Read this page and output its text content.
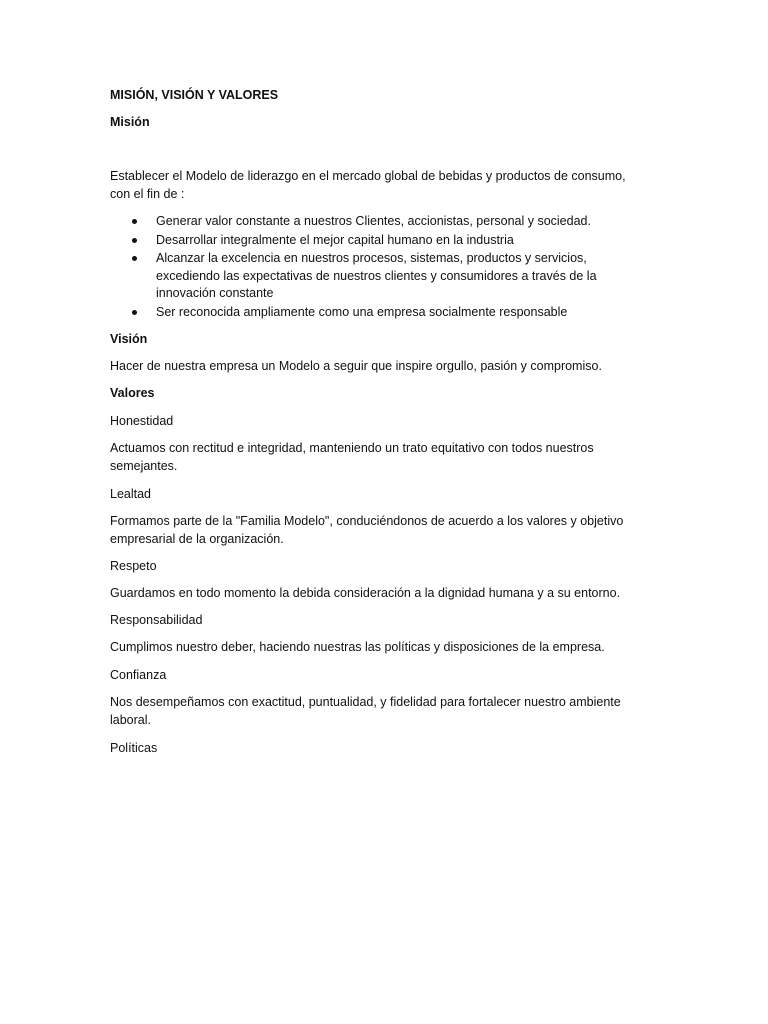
MISIÓN, VISIÓN Y VALORES

Misión

Establecer el Modelo de liderazgo en el mercado global de bebidas y productos de consumo,
con el fin de :

Generar valor constante a nuestros Clientes, accionistas, personal y sociedad.
Desarrollar integralmente el mejor capital humano en la industria
Alcanzar la excelencia en nuestros procesos, sistemas, productos y servicios,
excediendo las expectativas de nuestros clientes y consumidores a través de la
innovación constante
Ser reconocida ampliamente como una empresa socialmente responsable

Visión

Hacer de nuestra empresa un Modelo a seguir que inspire orgullo, pasión y compromiso.

Valores

Honestidad

Actuamos con rectitud e integridad, manteniendo un trato equitativo con todos nuestros
semejantes.

Lealtad

Formamos parte de la "Familia Modelo", conduciéndonos de acuerdo a los valores y objetivo
empresarial de la organización.

Respeto

Guardamos en todo momento la debida consideración a la dignidad humana y a su entorno.

Responsabilidad

Cumplimos nuestro deber, haciendo nuestras las políticas y disposiciones de la empresa.

Confianza

Nos desempeñamos con exactitud, puntualidad, y fidelidad para fortalecer nuestro ambiente
laboral.

Políticas
